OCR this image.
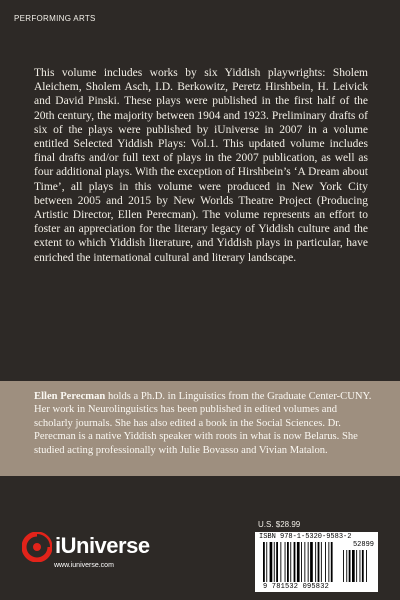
PERFORMING ARTS

This volume includes works by six Yiddish playwrights: Sholem Aleichem, Sholem Asch, I.D. Berkowitz, Peretz Hirshbein, H. Leivick and David Pinski. These plays were published in the first half of the 20th century, the majority between 1904 and 1923. Preliminary drafts of six of the plays were published by iUniverse in 2007 in a volume entitled Selected Yiddish Plays: Vol.1. This updated volume includes final drafts and/or full text of plays in the 2007 publication, as well as four additional plays. With the exception of Hirshbein’s ‘A Dream about Time’, all plays in this volume were produced in New York City between 2005 and 2015 by New Worlds Theatre Project (Producing Artistic Director, Ellen Perecman). The volume represents an effort to foster an appreciation for the literary legacy of Yiddish culture and the extent to which Yiddish literature, and Yiddish plays in particular, have enriched the international cultural and literary landscape.

Ellen Perecman holds a Ph.D. in Linguistics from the Graduate Center-CUNY. Her work in Neurolinguistics has been published in edited volumes and scholarly journals. She has also edited a book in the Social Sciences. Dr. Perecman is a native Yiddish speaker with roots in what is now Belarus. She studied acting professionally with Julie Bovasso and Vivian Matalon.

iUniverse
www.iuniverse.com
U.S. $28.99
ISBN 978-1-5320-9583-2
52899
9 781532 095832
